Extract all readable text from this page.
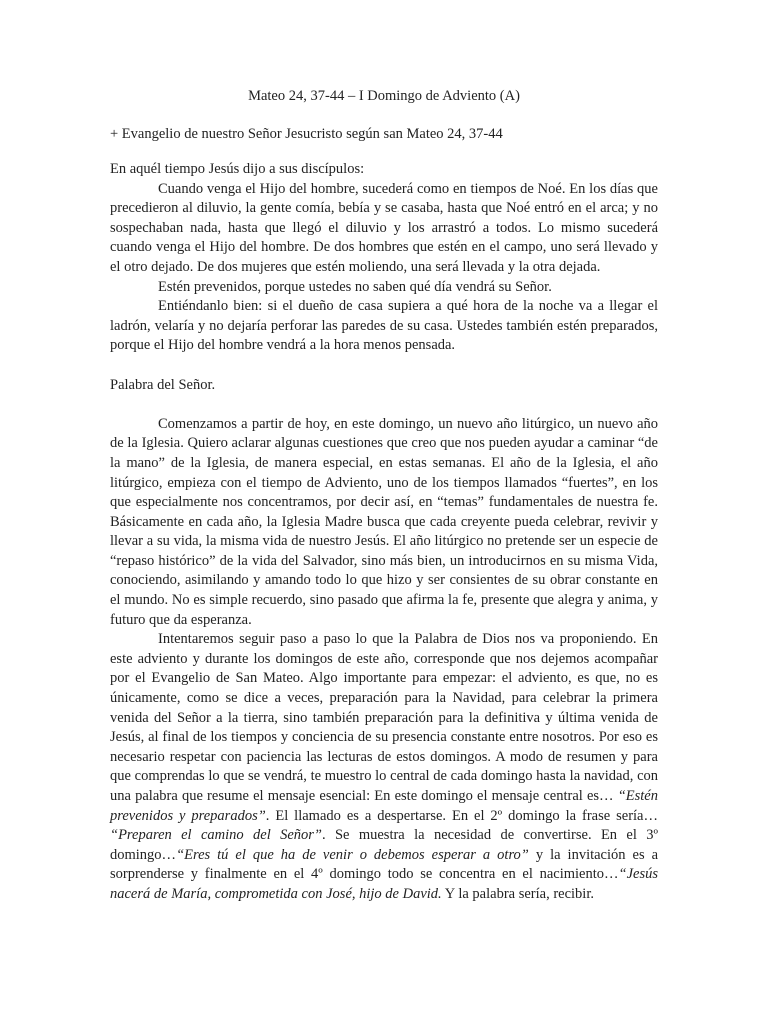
Mateo 24, 37-44 – I Domingo de Adviento (A)

+ Evangelio de nuestro Señor Jesucristo según san Mateo 24, 37-44

En aquél tiempo Jesús dijo a sus discípulos:

Cuando venga el Hijo del hombre, sucederá como en tiempos de Noé. En los días que precedieron al diluvio, la gente comía, bebía y se casaba, hasta que Noé entró en el arca; y no sospechaban nada, hasta que llegó el diluvio y los arrastró a todos. Lo mismo sucederá cuando venga el Hijo del hombre. De dos hombres que estén en el campo, uno será llevado y el otro dejado. De dos mujeres que estén moliendo, una será llevada y la otra dejada.

Estén prevenidos, porque ustedes no saben qué día vendrá su Señor.

Entiéndanlo bien: si el dueño de casa supiera a qué hora de la noche va a llegar el ladrón, velaría y no dejaría perforar las paredes de su casa. Ustedes también estén preparados, porque el Hijo del hombre vendrá a la hora menos pensada.

Palabra del Señor.

Comenzamos a partir de hoy, en este domingo, un nuevo año litúrgico, un nuevo año de la Iglesia. Quiero aclarar algunas cuestiones que creo que nos pueden ayudar a caminar “de la mano” de la Iglesia, de manera especial, en estas semanas. El año de la Iglesia, el año litúrgico, empieza con el tiempo de Adviento, uno de los tiempos llamados “fuertes”, en los que especialmente nos concentramos, por decir así, en “temas” fundamentales de nuestra fe. Básicamente en cada año, la Iglesia Madre busca que cada creyente pueda celebrar, revivir y llevar a su vida, la misma vida de nuestro Jesús. El año litúrgico no pretende ser un especie de “repaso histórico” de la vida del Salvador, sino más bien, un introducirnos en su misma Vida, conociendo, asimilando y amando todo lo que hizo y ser consientes de su obrar constante en el mundo. No es simple recuerdo, sino pasado que afirma la fe, presente que alegra y anima, y futuro que da esperanza.

Intentaremos seguir paso a paso lo que la Palabra de Dios nos va proponiendo. En este adviento y durante los domingos de este año, corresponde que nos dejemos acompañar por el Evangelio de San Mateo. Algo importante para empezar: el adviento, es que, no es únicamente, como se dice a veces, preparación para la Navidad, para celebrar la primera venida del Señor a la tierra, sino también preparación para la definitiva y última venida de Jesús, al final de los tiempos y conciencia de su presencia constante entre nosotros. Por eso es necesario respetar con paciencia las lecturas de estos domingos. A modo de resumen y para que comprendas lo que se vendrá, te muestro lo central de cada domingo hasta la navidad, con una palabra que resume el mensaje esencial: En este domingo el mensaje central es… “Estén prevenidos y preparados”. El llamado es a despertarse. En el 2º domingo la frase sería… “Preparen el camino del Señor”. Se muestra la necesidad de convertirse. En el 3º domingo…“Eres tú el que ha de venir o debemos esperar a otro” y la invitación es a sorprenderse y finalmente en el 4º domingo todo se concentra en el nacimiento…“Jesús nacerá de María, comprometida con José, hijo de David. Y la palabra sería, recibir.
